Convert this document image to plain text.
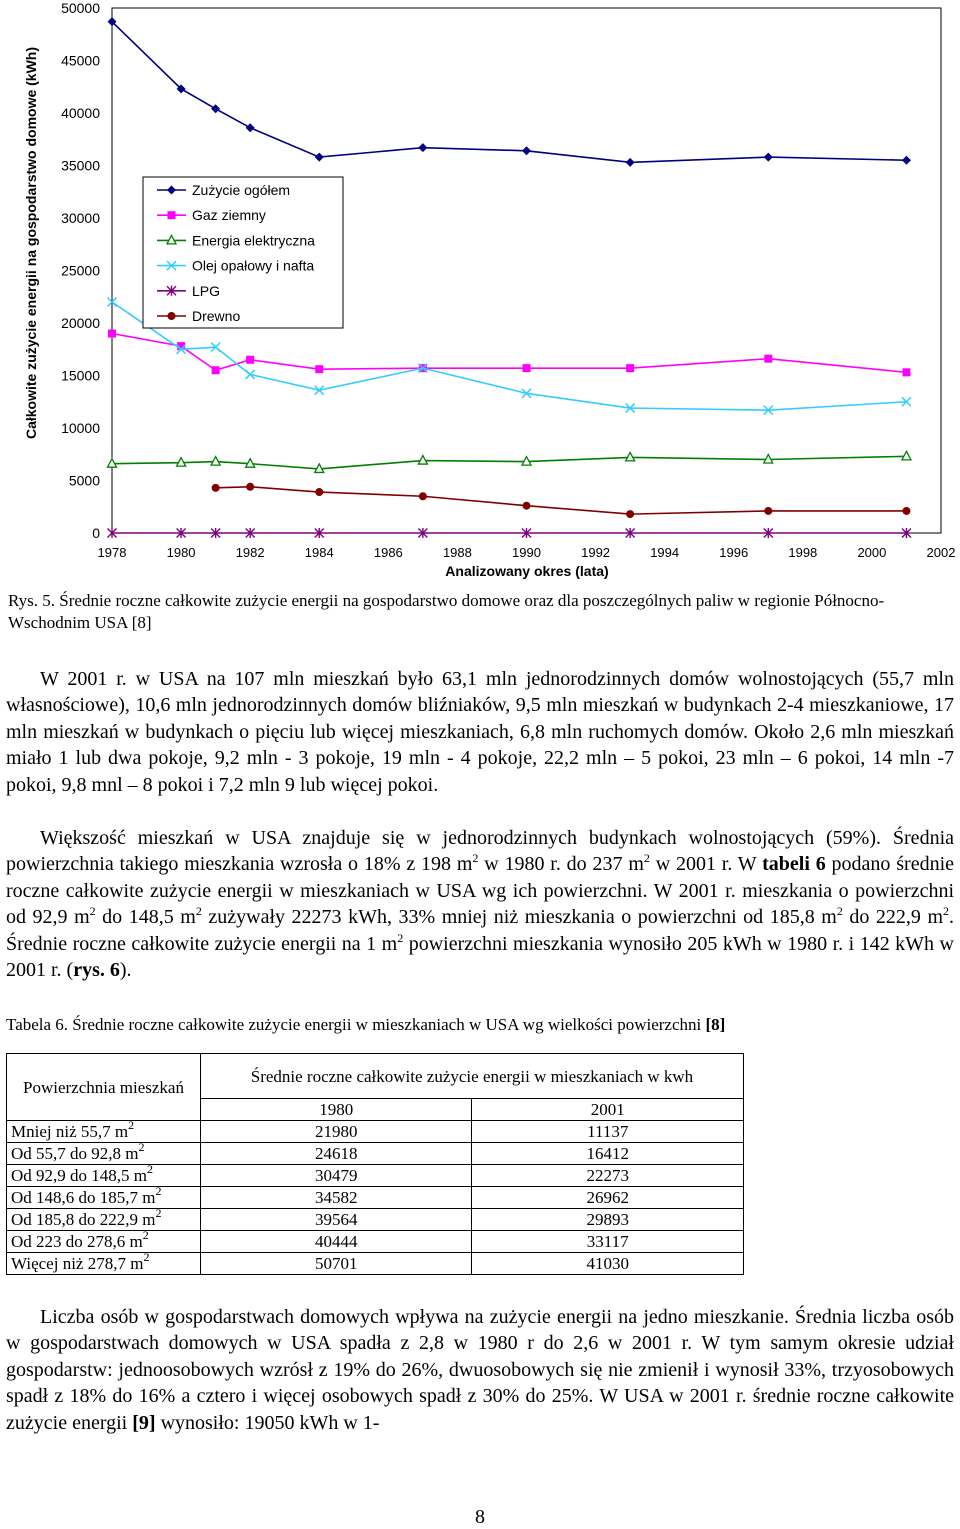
Całkowite zużycie energii na gospodarstwo domowe (kWh)
0
5000
10000
15000
20000
25000
30000
35000
40000
45000
50000
1978	1980	1982	1984	1986	1988	1990	1992	1994	1996	1998	2000	2002
Analizowany okres (lata)
Zużycie ogółem
Gaz ziemny
Energia elektryczna
Olej opałowy i nafta
LPG
Drewno

Rys. 5. Średnie roczne całkowite zużycie energii na gospodarstwo domowe oraz dla poszczególnych paliw w regionie Północno-Wschodnim USA [8]

W 2001 r. w USA na 107 mln mieszkań było 63,1 mln jednorodzinnych domów wolnostojących (55,7 mln własnościowe), 10,6 mln jednorodzinnych domów bliźniaków, 9,5 mln mieszkań w budynkach 2-4 mieszkaniowe, 17 mln mieszkań w budynkach o pięciu lub więcej mieszkaniach, 6,8 mln ruchomych domów. Około 2,6 mln mieszkań miało 1 lub dwa pokoje, 9,2 mln - 3 pokoje, 19 mln - 4 pokoje, 22,2 mln – 5 pokoi, 23 mln – 6 pokoi, 14 mln -7 pokoi, 9,8 mnl – 8 pokoi i 7,2 mln 9 lub więcej pokoi.

Większość mieszkań w USA znajduje się w jednorodzinnych budynkach wolnostojących (59%). Średnia powierzchnia takiego mieszkania wzrosła o 18% z 198 $m^2$ w 1980 r. do 237 $m^2$ w 2001 r. W tabeli 6 podano średnie roczne całkowite zużycie energii w mieszkaniach w USA wg ich powierzchni. W 2001 r. mieszkania o powierzchni od 92,9 $m^2$ do 148,5 $m^2$ zużywały 22273 kWh, 33% mniej niż mieszkania o powierzchni od 185,8 $m^2$ do 222,9 $m^2$. Średnie roczne całkowite zużycie energii na 1 $m^2$ powierzchni mieszkania wynosiło 205 kWh w 1980 r. i 142 kWh w 2001 r. (rys. 6).

Tabela 6. Średnie roczne całkowite zużycie energii w mieszkaniach w USA wg wielkości powierzchni [8]

Powierzchnia mieszkań	Średnie roczne całkowite zużycie energii w mieszkaniach w kwh	
	1980	2001
Mniej niż 55,7 $m^2$	21980	11137
Od 55,7 do 92,8 $m^2$	24618	16412
Od 92,9 do 148,5 $m^2$	30479	22273
Od 148,6 do 185,7 $m^2$	34582	26962
Od 185,8 do 222,9 $m^2$	39564	29893
Od 223 do 278,6 $m^2$	40444	33117
Więcej niż 278,7 $m^2$	50701	41030

Liczba osób w gospodarstwach domowych wpływa na zużycie energii na jedno mieszkanie. Średnia liczba osób w gospodarstwach domowych w USA spadła z 2,8 w 1980 r do 2,6 w 2001 r. W tym samym okresie udział gospodarstw: jednoosobowych wzrósł z 19% do 26%, dwuosobowych się nie zmienił i wynosił 33%, trzyosobowych spadł z 18% do 16% a cztero i więcej osobowych spadł z 30% do 25%. W USA w 2001 r. średnie roczne całkowite zużycie energii [9] wynosiło: 19050 kWh w 1-

8
